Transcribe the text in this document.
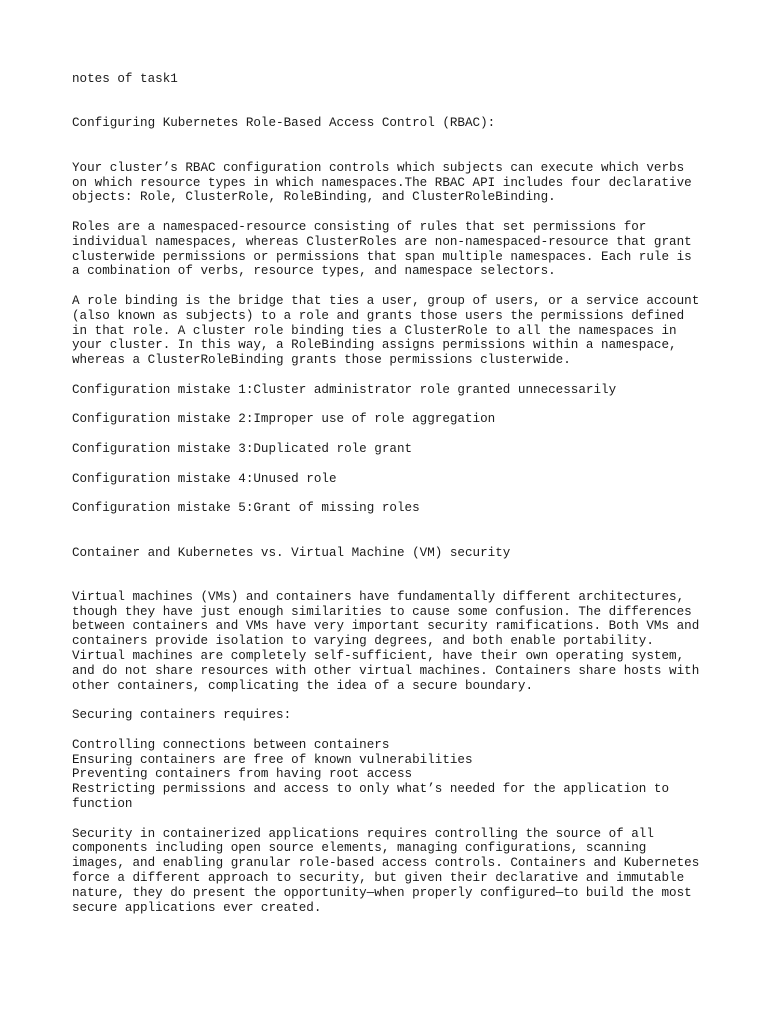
notes of task1

Configuring Kubernetes Role-Based Access Control (RBAC):

Your cluster’s RBAC configuration controls which subjects can execute which verbs

on which resource types in which namespaces.The RBAC API includes four declarative

objects: Role, ClusterRole, RoleBinding, and ClusterRoleBinding.

Roles are a namespaced-resource consisting of rules that set permissions for

individual namespaces, whereas ClusterRoles are non-namespaced-resource that grant

clusterwide permissions or permissions that span multiple namespaces. Each rule is

a combination of verbs, resource types, and namespace selectors.

A role binding is the bridge that ties a user, group of users, or a service account

(also known as subjects) to a role and grants those users the permissions defined

in that role. A cluster role binding ties a ClusterRole to all the namespaces in

your cluster. In this way, a RoleBinding assigns permissions within a namespace,

whereas a ClusterRoleBinding grants those permissions clusterwide.

Configuration mistake 1:Cluster administrator role granted unnecessarily

Configuration mistake 2:Improper use of role aggregation

Configuration mistake 3:Duplicated role grant

Configuration mistake 4:Unused role

Configuration mistake 5:Grant of missing roles

Container and Kubernetes vs. Virtual Machine (VM) security

Virtual machines (VMs) and containers have fundamentally different architectures,

though they have just enough similarities to cause some confusion. The differences

between containers and VMs have very important security ramifications. Both VMs and

containers provide isolation to varying degrees, and both enable portability.

Virtual machines are completely self-sufficient, have their own operating system,

and do not share resources with other virtual machines. Containers share hosts with

other containers, complicating the idea of a secure boundary.

Securing containers requires:

Controlling connections between containers

Ensuring containers are free of known vulnerabilities

Preventing containers from having root access

Restricting permissions and access to only what’s needed for the application to

function

Security in containerized applications requires controlling the source of all

components including open source elements, managing configurations, scanning

images, and enabling granular role-based access controls. Containers and Kubernetes

force a different approach to security, but given their declarative and immutable

nature, they do present the opportunity—when properly configured—to build the most

secure applications ever created.
